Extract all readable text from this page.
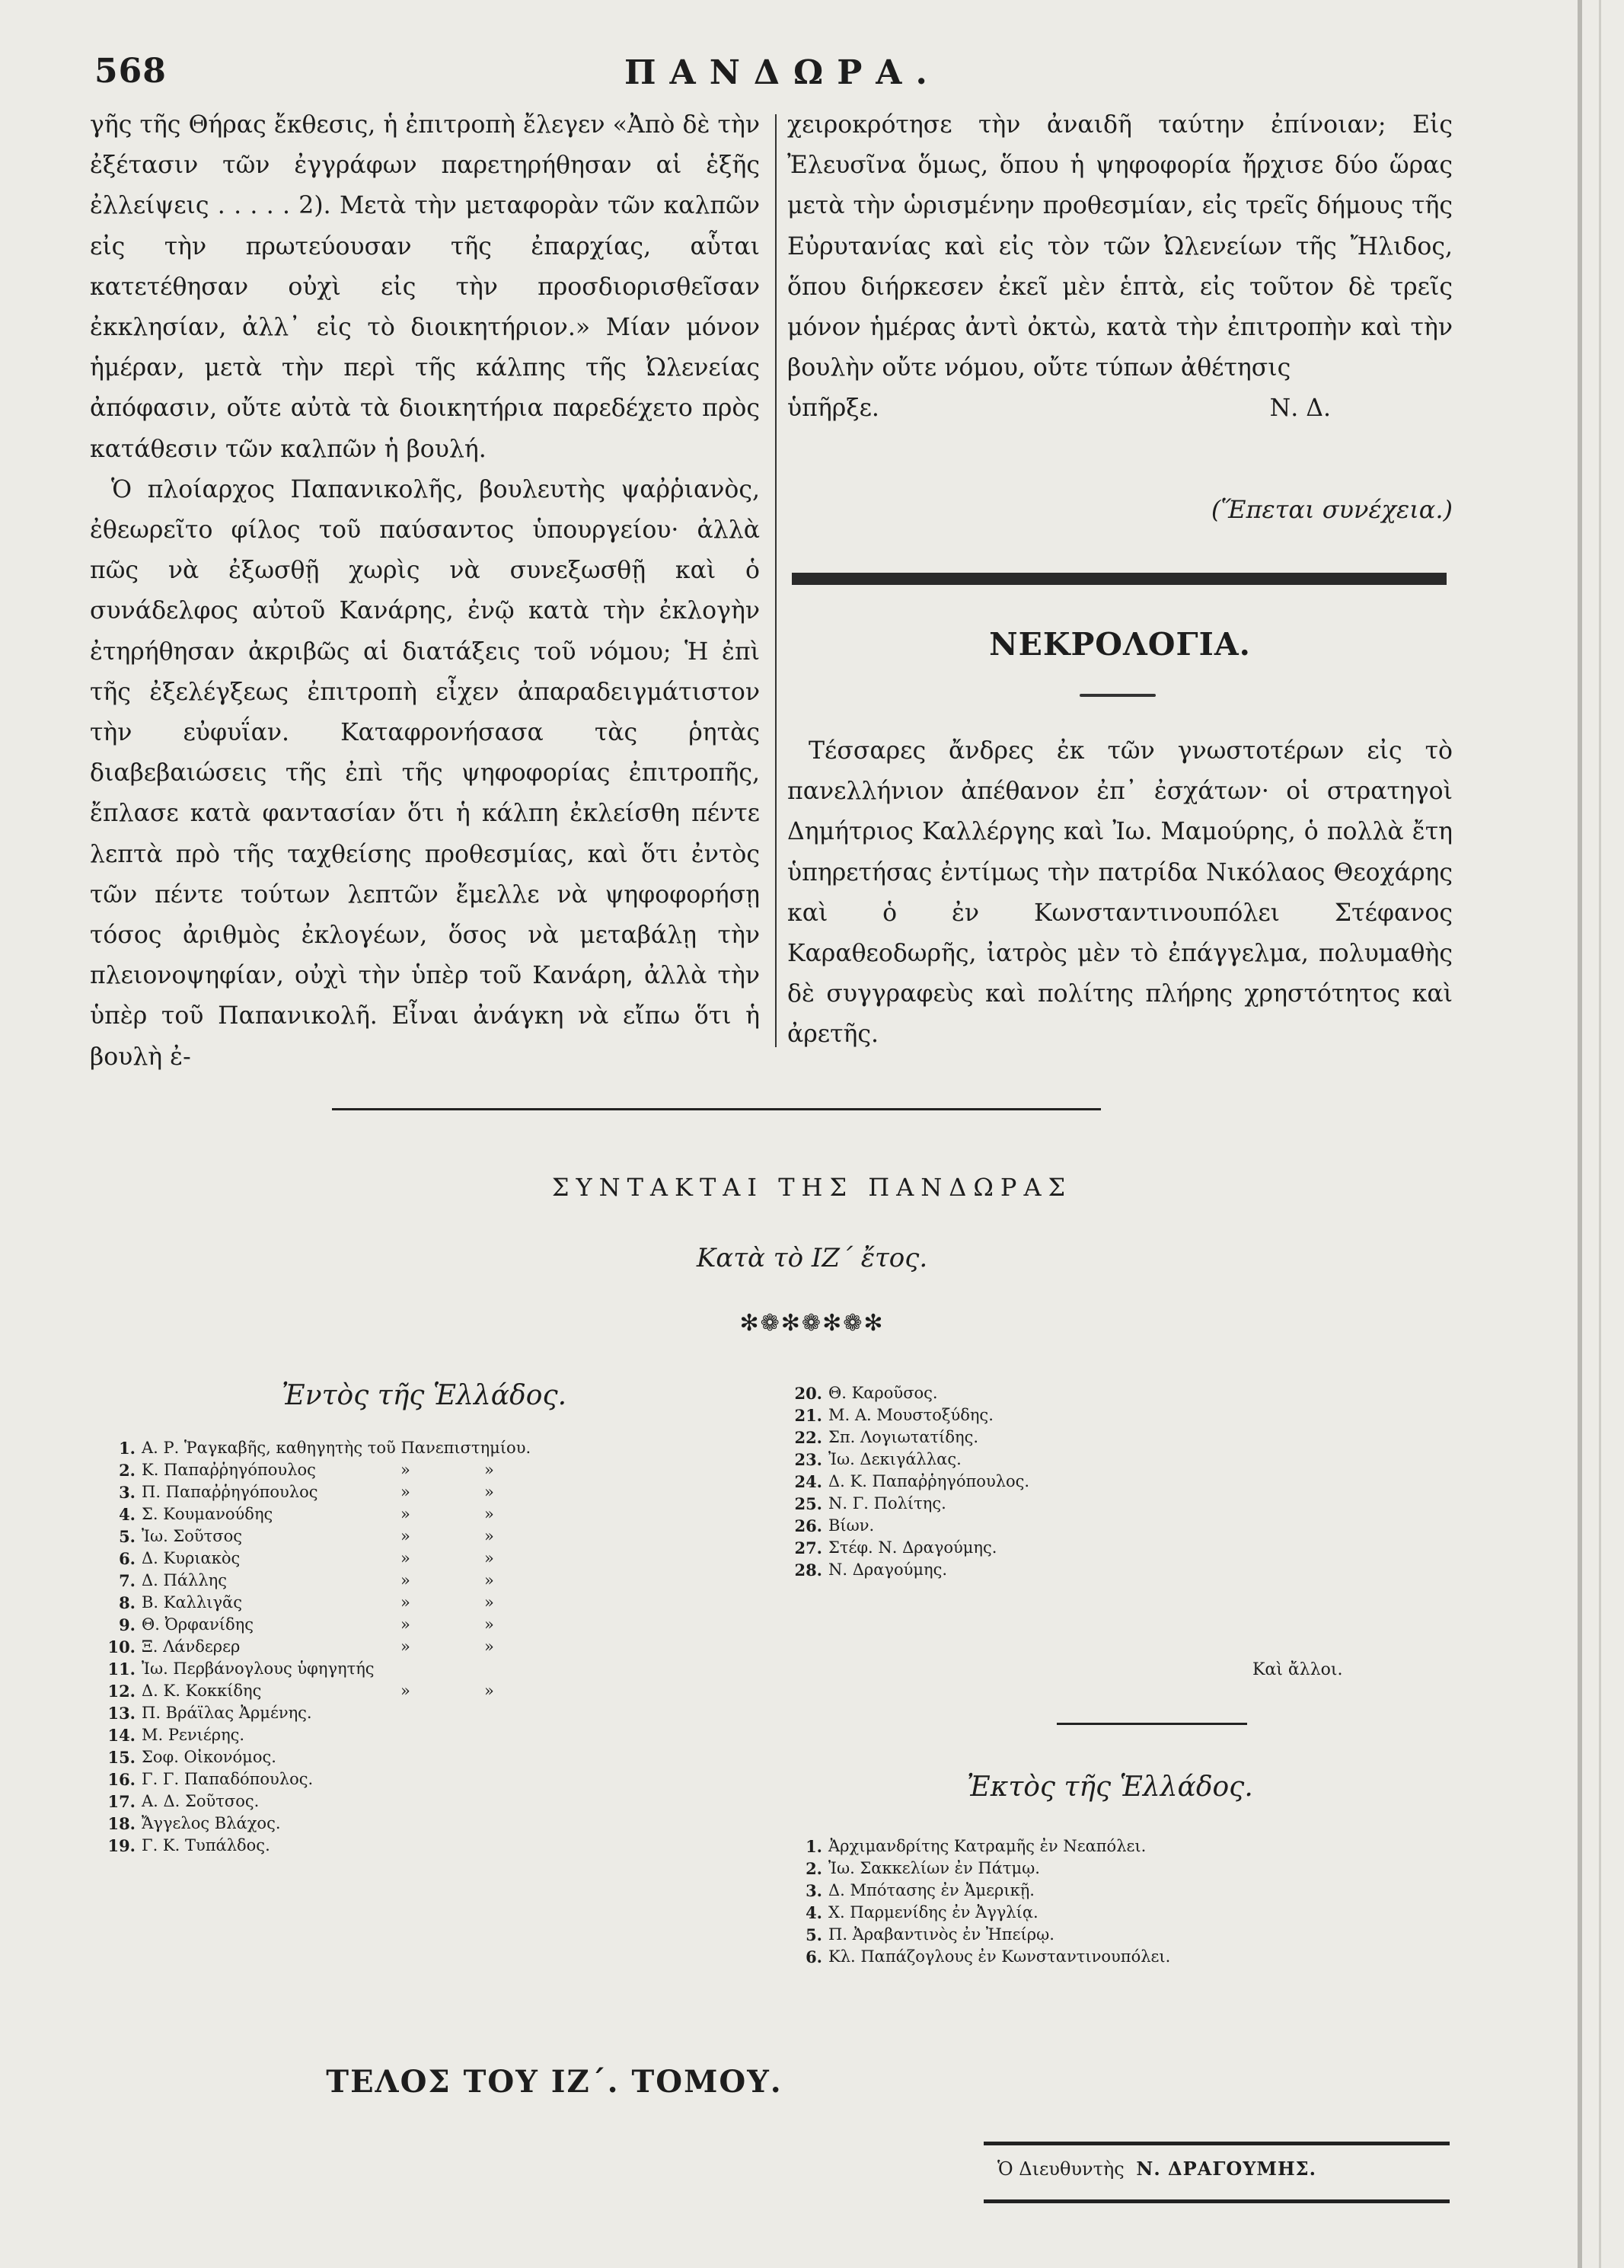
568	ΠΑΝΔΩΡΑ.

γῆς τῆς Θήρας ἔκθεσις, ἡ ἐπιτροπὴ ἔλεγεν «Ἀπὸ δὲ τὴν ἐξέτασιν τῶν ἐγγράφων παρετηρήθησαν αἱ ἑξῆς ἐλλείψεις . . . . . 2). Μετὰ τὴν μεταφορὰν τῶν καλπῶν εἰς τὴν πρωτεύουσαν τῆς ἐπαρχίας, αὗται κατετέθησαν οὐχὶ εἰς τὴν προσδιορισθεῖσαν ἐκκλησίαν, ἀλλ᾽ εἰς τὸ διοικητήριον.» Μίαν μόνον ἡμέραν, μετὰ τὴν περὶ τῆς κάλπης τῆς Ὠλενείας ἀπόφασιν, οὔτε αὐτὰ τὰ διοικητήρια παρεδέχετο πρὸς κατάθεσιν τῶν καλπῶν ἡ βουλή.

Ὁ πλοίαρχος Παπανικολῆς, βουλευτὴς ψαῤῥιανὸς, ἐθεωρεῖτο φίλος τοῦ παύσαντος ὑπουργείου· ἀλλὰ πῶς νὰ ἐξωσθῇ χωρὶς νὰ συνεξωσθῇ καὶ ὁ συνάδελφος αὐτοῦ Κανάρης, ἐνῷ κατὰ τὴν ἐκλογὴν ἐτηρήθησαν ἀκριβῶς αἱ διατάξεις τοῦ νόμου; Ἡ ἐπὶ τῆς ἐξελέγξεως ἐπιτροπὴ εἶχεν ἀπαραδειγμάτιστον τὴν εὐφυΐαν. Καταφρονήσασα τὰς ῥητὰς διαβεβαιώσεις τῆς ἐπὶ τῆς ψηφοφορίας ἐπιτροπῆς, ἔπλασε κατὰ φαντασίαν ὅτι ἡ κάλπη ἐκλείσθη πέντε λεπτὰ πρὸ τῆς ταχθείσης προθεσμίας, καὶ ὅτι ἐντὸς τῶν πέντε τούτων λεπτῶν ἔμελλε νὰ ψηφοφορήσῃ τόσος ἀριθμὸς ἐκλογέων, ὅσος νὰ μεταβάλῃ τὴν πλειονοψηφίαν, οὐχὶ τὴν ὑπὲρ τοῦ Κανάρη, ἀλλὰ τὴν ὑπὲρ τοῦ Παπανικολῆ. Εἶναι ἀνάγκη νὰ εἴπω ὅτι ἡ βουλὴ ἐ-

χειροκρότησε τὴν ἀναιδῆ ταύτην ἐπίνοιαν; Εἰς Ἐλευσῖνα ὅμως, ὅπου ἡ ψηφοφορία ἤρχισε δύο ὥρας μετὰ τὴν ὡρισμένην προθεσμίαν, εἰς τρεῖς δήμους τῆς Εὐρυτανίας καὶ εἰς τὸν τῶν Ὠλενείων τῆς Ἤλιδος, ὅπου διήρκεσεν ἐκεῖ μὲν ἑπτὰ, εἰς τοῦτον δὲ τρεῖς μόνον ἡμέρας ἀντὶ ὀκτὼ, κατὰ τὴν ἐπιτροπὴν καὶ τὴν βουλὴν οὔτε νόμου, οὔτε τύπων ἀθέτησις

ὑπῆρξε.	Ν. Δ.
(Ἕπεται συνέχεια.)
ΝΕΚΡΟΛΟΓΙΑ.

Τέσσαρες ἄνδρες ἐκ τῶν γνωστοτέρων εἰς τὸ πανελλήνιον ἀπέθανον ἐπ᾽ ἐσχάτων· οἱ στρατηγοὶ Δημήτριος Καλλέργης καὶ Ἰω. Μαμούρης, ὁ πολλὰ ἔτη ὑπηρετήσας ἐντίμως τὴν πατρίδα Νικόλαος Θεοχάρης καὶ ὁ ἐν Κωνσταντινουπόλει Στέφανος Καραθεοδωρῆς, ἰατρὸς μὲν τὸ ἐπάγγελμα, πολυμαθὴς δὲ συγγραφεὺς καὶ πολίτης πλήρης χρηστότητος καὶ ἀρετῆς.

ΣΥΝΤΑΚΤΑΙ ΤΗΣ ΠΑΝΔΩΡΑΣ
Κατὰ τὸ ΙΖ΄ ἔτος.
✻❁✻❁✻❁✻
Ἐντὸς τῆς Ἑλλάδος.
1. Α. Ρ. Ῥαγκαβῆς, καθηγητὴς τοῦ Πανεπιστημίου.
2. Κ. Παπαῤῥηγόπουλος	»	»
3. Π. Παπαῤῥηγόπουλος	»	»
4. Σ. Κουμανούδης	»	»
5. Ἰω. Σοῦτσος	»	»
6. Δ. Κυριακὸς	»	»
7. Δ. Πάλλης	»	»
8. Β. Καλλιγᾶς	»	»
9. Θ. Ὀρφανίδης	»	»
10. Ξ. Λάνδερερ	»	»
11. Ἰω. Περβάνογλους ὑφηγητής
12. Δ. Κ. Κοκκίδης	»	»
13. Π. Βράϊλας Ἀρμένης.
14. Μ. Ρενιέρης.
15. Σοφ. Οἰκονόμος.
16. Γ. Γ. Παπαδόπουλος.
17. Α. Δ. Σοῦτσος.
18. Ἄγγελος Βλάχος.
19. Γ. Κ. Τυπάλδος.
20. Θ. Καροῦσος.
21. Μ. Α. Μουστοξύδης.
22. Σπ. Λογιωτατίδης.
23. Ἰω. Δεκιγάλλας.
24. Δ. Κ. Παπαῤῥηγόπουλος.
25. Ν. Γ. Πολίτης.
26. Βίων.
27. Στέφ. Ν. Δραγούμης.
28. Ν. Δραγούμης.
Καὶ ἄλλοι.
Ἐκτὸς τῆς Ἑλλάδος.
1. Ἀρχιμανδρίτης Κατραμῆς ἐν Νεαπόλει.
2. Ἰω. Σακκελίων ἐν Πάτμῳ.
3. Δ. Μπότασης ἐν Ἀμερικῇ.
4. Χ. Παρμενίδης ἐν Ἀγγλίᾳ.
5. Π. Ἀραβαντινὸς ἐν Ἠπείρῳ.
6. Κλ. Παπάζογλους ἐν Κωνσταντινουπόλει.
ΤΕΛΟΣ ΤΟΥ ΙΖ΄. ΤΟΜΟΥ.
Ὁ Διευθυντὴς Ν. ΔΡΑΓΟΥΜΗΣ.
